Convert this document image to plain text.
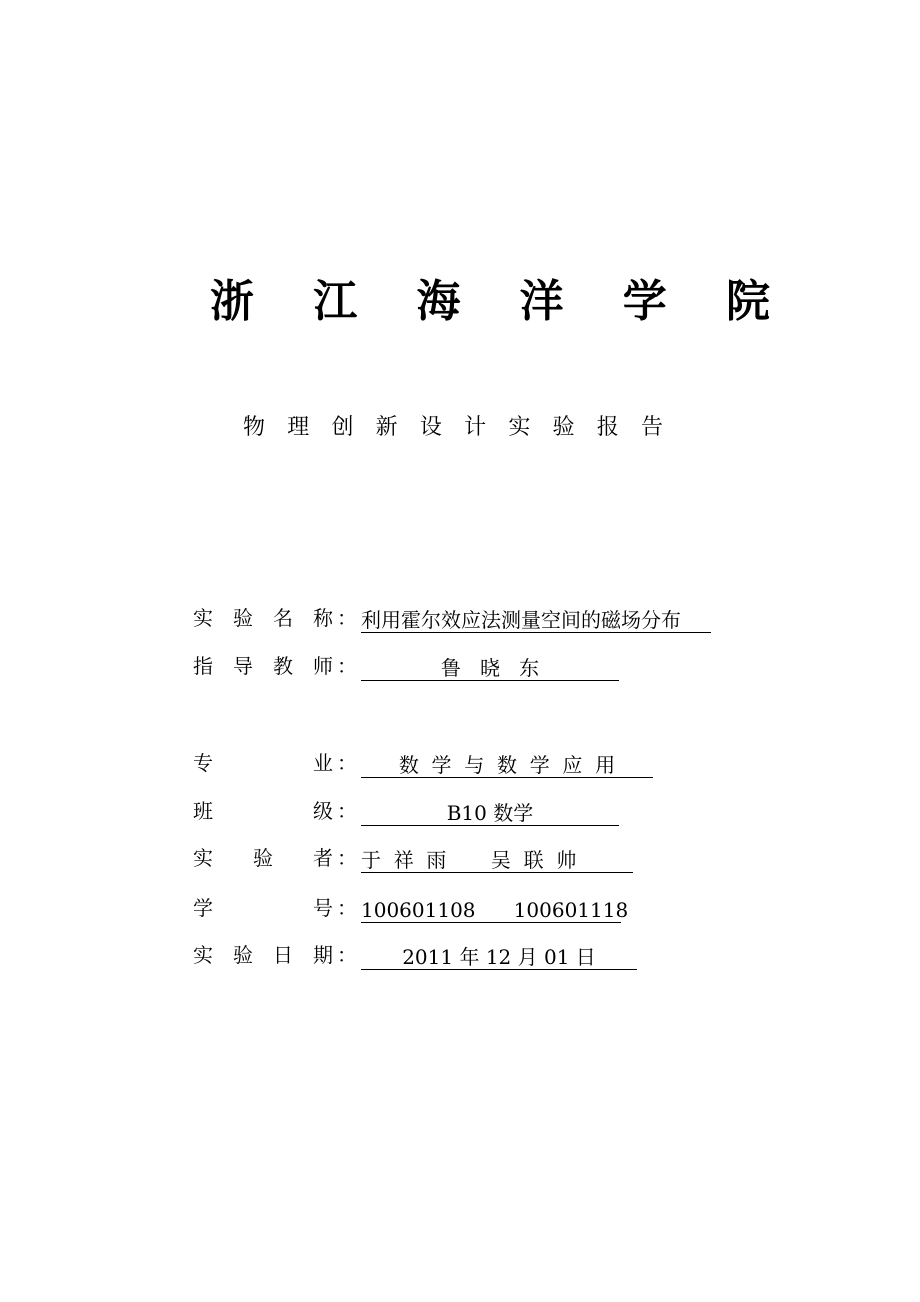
浙 江 海 洋 学 院
物 理 创 新 设 计 实 验 报 告
实 验 名 称 ： 利用霍尔效应法测量空间的磁场分布
指 导 教 师 ：	鲁   晓   东
专	业 ：	数  学  与  数  学  应  用
班	级 ：	B10 数学
实 验 者 ： 于  祥  雨       吴  联  帅
学	号 ： 100601108      100601118
实 验 日 期 ：	2011 年 12 月 01 日
